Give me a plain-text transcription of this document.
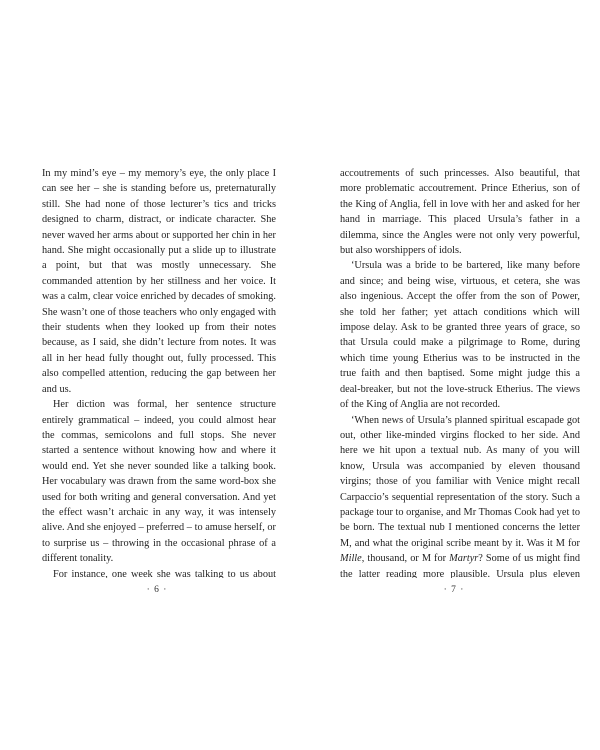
In my mind’s eye – my memory’s eye, the only place I can see her – she is standing before us, preternaturally still. She had none of those lecturer’s tics and tricks designed to charm, distract, or indicate character. She never waved her arms about or supported her chin in her hand. She might occasionally put a slide up to illustrate a point, but that was mostly unnecessary. She commanded attention by her stillness and her voice. It was a calm, clear voice enriched by decades of smoking. She wasn’t one of those teachers who only engaged with their students when they looked up from their notes because, as I said, she didn’t lecture from notes. It was all in her head fully thought out, fully processed. This also compelled attention, reducing the gap between her and us.

Her diction was formal, her sentence structure entirely grammatical – indeed, you could almost hear the commas, semicolons and full stops. She never started a sentence without knowing how and where it would end. Yet she never sounded like a talking book. Her vocabulary was drawn from the same word-box she used for both writing and general conversation. And yet the effect wasn’t archaic in any way, it was intensely alive. And she enjoyed – preferred – to amuse herself, or to surprise us – throwing in the occasional phrase of a different tonality.

For instance, one week she was talking to us about

· 6 ·

accoutrements of such princesses. Also beautiful, that more problematic accoutrement. Prince Etherius, son of the King of Anglia, fell in love with her and asked for her hand in marriage. This placed Ursula’s father in a dilemma, since the Angles were not only very powerful, but also worshippers of idols.

‘Ursula was a bride to be bartered, like many before and since; and being wise, virtuous, et cetera, she was also ingenious. Accept the offer from the son of Power, she told her father; yet attach conditions which will impose delay. Ask to be granted three years of grace, so that Ursula could make a pilgrimage to Rome, during which time young Etherius was to be instructed in the true faith and then baptised. Some might judge this a deal-breaker, but not the love-struck Etherius. The views of the King of Anglia are not recorded.

‘When news of Ursula’s planned spiritual escapade got out, other like-minded virgins flocked to her side. And here we hit upon a textual nub. As many of you will know, Ursula was accompanied by eleven thousand virgins; those of you familiar with Venice might recall Carpaccio’s sequential representation of the story. Such a package tour to organise, and Mr Thomas Cook had yet to be born. The textual nub I mentioned concerns the letter M, and what the original scribe meant by it. Was it M for Mille, thousand, or M for Martyr? Some of us might find the latter reading more plausible. Ursula plus eleven

· 7 ·
